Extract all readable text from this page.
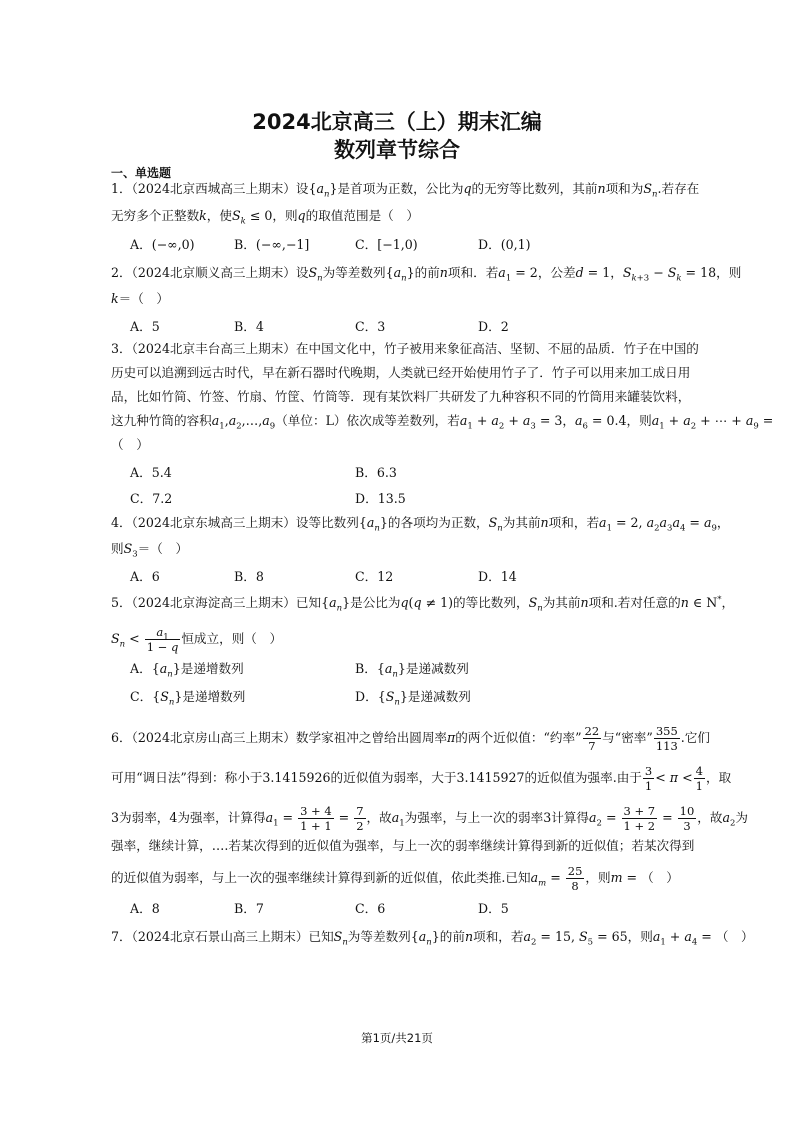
2024北京高三（上）期末汇编
数列章节综合
一、单选题
1．（2024北京西城高三上期末）设$\{a_n\}$是首项为正数，公比为q的无穷等比数列，其前n项和为$S_n$.若存在
无穷多个正整数k，使$S_k \le 0$，则q的取值范围是（　）
A．(−∞,0)	B．(−∞,−1]	C．[−1,0)	D．(0,1)
2．（2024北京顺义高三上期末）设$S_n$为等差数列$\{a_n\}$的前n项和．若$a_1 = 2$，公差d = 1，$S_{k+3} - S_k = 18$，则
k＝（　）
A．5	B．4	C．3	D．2
3．（2024北京丰台高三上期末）在中国文化中，竹子被用来象征高洁、坚韧、不屈的品质．竹子在中国的
历史可以追溯到远古时代，早在新石器时代晚期，人类就已经开始使用竹子了．竹子可以用来加工成日用
品，比如竹简、竹签、竹扇、竹筐、竹筒等．现有某饮料厂共研发了九种容积不同的竹筒用来罐装饮料，
这九种竹筒的容积$a_1,a_2,\dots,a_9$（单位：L）依次成等差数列，若$a_1 + a_2 + a_3 = 3$，$a_6 = 0.4$，则$a_1 + a_2$ + ⋯ + $a_9$ =
（　）
A．5.4	B．6.3
C．7.2	D．13.5
4．（2024北京东城高三上期末）设等比数列$\{a_n\}$的各项均为正数，$S_n$为其前n项和，若$a_1 = 2$, $a_2a_3a_4 = a_9$，
则$S_3=$（　）
A．6	B．8	C．12	D．14
5．（2024北京海淀高三上期末）已知$\{a_n\}$是公比为q(q ≠ 1)的等比数列，$S_n$为其前n项和.若对任意的n ∈ N*，
$S_n < \frac{a_1}{1 - q}$ 恒成立，则（　）
A．$\{a_n\}$是递增数列	B．$\{a_n\}$是递减数列
C．$\{S_n\}$是递增数列	D．$\{S_n\}$是递减数列
6．（2024北京房山高三上期末）数学家祖冲之曾给出圆周率π的两个近似值：“约率” $\frac{22}{7}$ 与“密率” $\frac{355}{113}$ .它们
可用“调日法”得到：称小于3.1415926的近似值为弱率，大于3.1415927的近似值为强率.由于 $\frac{3}{1} < \pi < \frac{4}{1}$ ，取
3为弱率，4为强率，计算得$a_1 = \frac{3 + 4}{1 + 1} = \frac{7}{2}$ ，故$a_1$为强率，与上一次的弱率3计算得$a_2 = \frac{3 + 7}{1 + 2} = \frac{10}{3}$ ，故$a_2$为
强率，继续计算，….若某次得到的近似值为强率，与上一次的弱率继续计算得到新的近似值；若某次得到
的近似值为弱率，与上一次的强率继续计算得到新的近似值，依此类推.已知$a_m = \frac{25}{8}$ ，则m = （　）
A．8	B．7	C．6	D．5
7．（2024北京石景山高三上期末）已知$S_n$为等差数列$\{a_n\}$的前n项和，若$a_2 = 15$, $S_5 = 65$，则$a_1 + a_4$ = （　）
第1页/共21页
